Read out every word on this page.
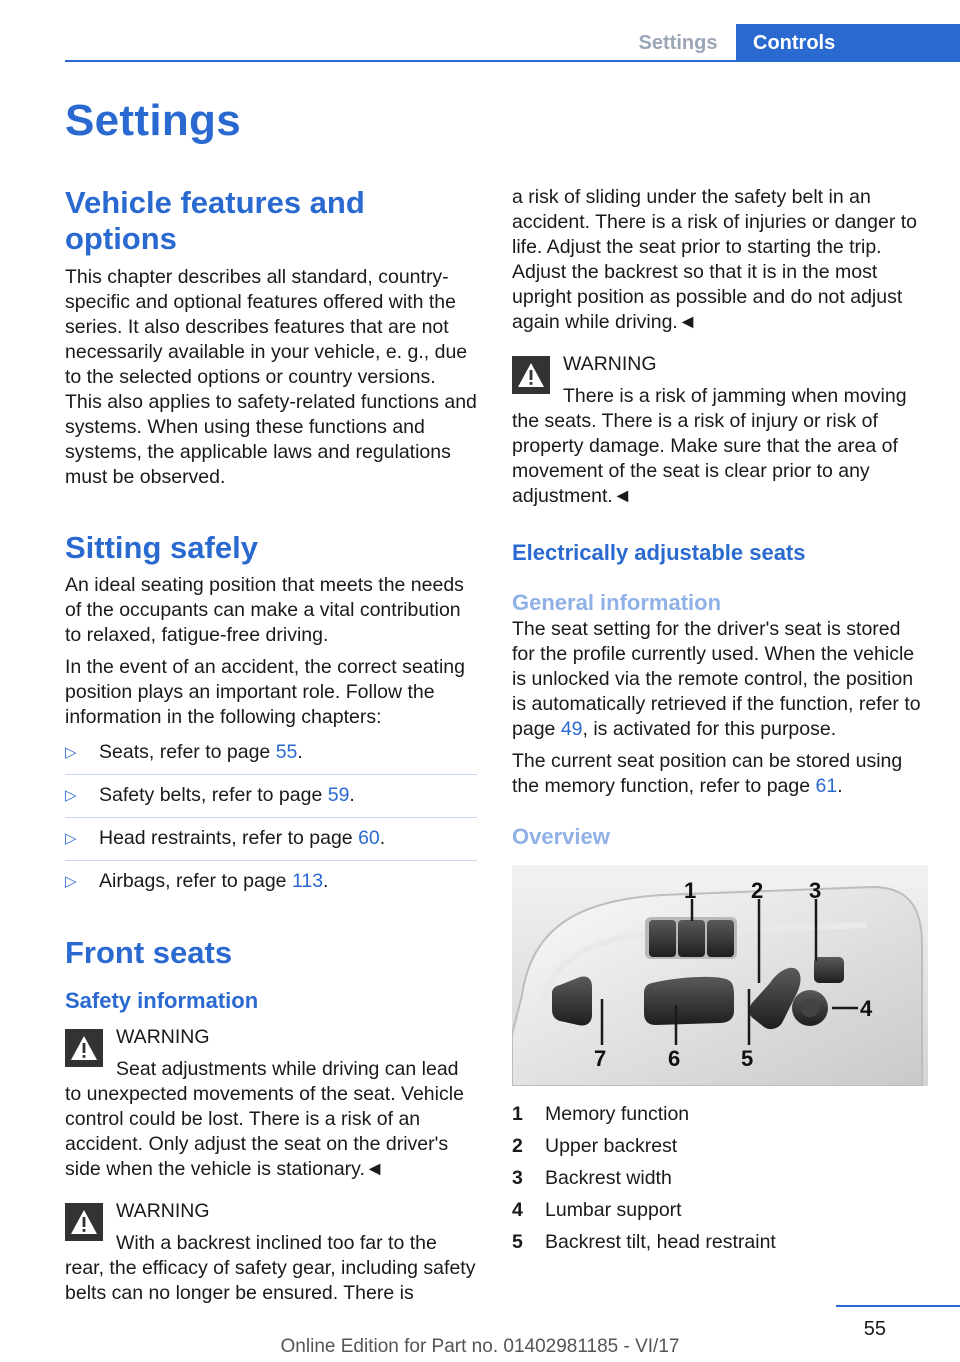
Settings	Controls
Settings
Vehicle features and options
This chapter describes all standard, country-specific and optional features offered with the series. It also describes features that are not necessarily available in your vehicle, e. g., due to the selected options or country versions. This also applies to safety-related functions and systems. When using these functions and systems, the applicable laws and regulations must be observed.
Sitting safely
An ideal seating position that meets the needs of the occupants can make a vital contribution to relaxed, fatigue-free driving.
In the event of an accident, the correct seating position plays an important role. Follow the information in the following chapters:
▷	Seats, refer to page 55.
▷	Safety belts, refer to page 59.
▷	Head restraints, refer to page 60.
▷	Airbags, refer to page 113.
Front seats
Safety information
WARNING
Seat adjustments while driving can lead
to unexpected movements of the seat. Vehicle control could be lost. There is a risk of an accident. Only adjust the seat on the driver's side when the vehicle is stationary.◄
WARNING
With a backrest inclined too far to the
rear, the efficacy of safety gear, including safety belts can no longer be ensured. There is
a risk of sliding under the safety belt in an accident. There is a risk of injuries or danger to life. Adjust the seat prior to starting the trip. Adjust the backrest so that it is in the most upright position as possible and do not adjust again while driving.◄
WARNING
There is a risk of jamming when moving
the seats. There is a risk of injury or risk of property damage. Make sure that the area of movement of the seat is clear prior to any adjustment.◄
Electrically adjustable seats
General information
The seat setting for the driver's seat is stored for the profile currently used. When the vehicle is unlocked via the remote control, the position is automatically retrieved if the function, refer to page 49, is activated for this purpose.
The current seat position can be stored using the memory function, refer to page 61.
Overview
1 2 3
4
5
6
7
1	Memory function
2	Upper backrest
3	Backrest width
4	Lumbar support
5	Backrest tilt, head restraint
55
Online Edition for Part no. 01402981185 - VI/17
